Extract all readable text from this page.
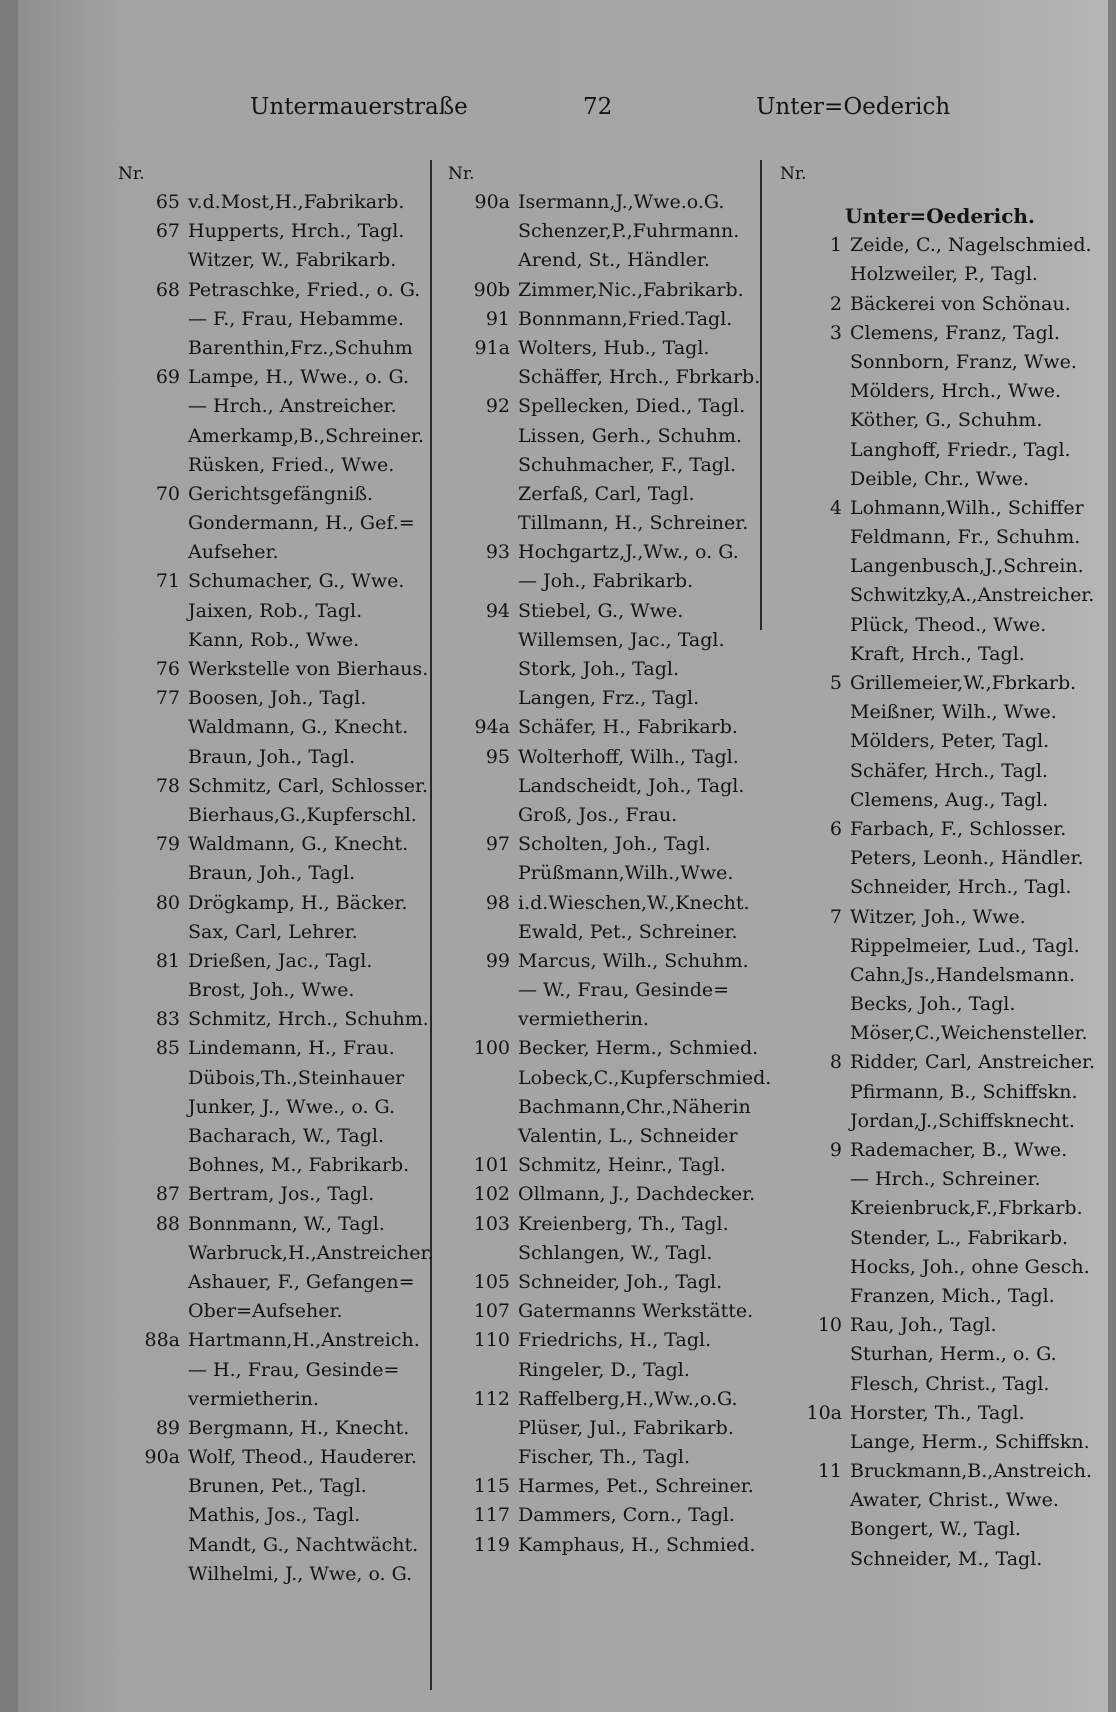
Untermauerstraße	72	Unter=Oederich
Nr.
65 v.d.Most,H.,Fabrikarb.
67 Hupperts, Hrch., Tagl.
Witzer, W., Fabrikarb.
68 Petraschke, Fried., o. G.
— F., Frau, Hebamme.
Barenthin,Frz.,Schuhm
69 Lampe, H., Wwe., o. G.
— Hrch., Anstreicher.
Amerkamp,B.,Schreiner.
Rüsken, Fried., Wwe.
70 Gerichtsgefängniß.
Gondermann, H., Gef.=
Aufseher.
71 Schumacher, G., Wwe.
Jaixen, Rob., Tagl.
Kann, Rob., Wwe.
76 Werkstelle von Bierhaus.
77 Boosen, Joh., Tagl.
Waldmann, G., Knecht.
Braun, Joh., Tagl.
78 Schmitz, Carl, Schlosser.
Bierhaus,G.,Kupferschl.
79 Waldmann, G., Knecht.
Braun, Joh., Tagl.
80 Drögkamp, H., Bäcker.
Sax, Carl, Lehrer.
81 Drießen, Jac., Tagl.
Brost, Joh., Wwe.
83 Schmitz, Hrch., Schuhm.
85 Lindemann, H., Frau.
Dübois,Th.,Steinhauer
Junker, J., Wwe., o. G.
Bacharach, W., Tagl.
Bohnes, M., Fabrikarb.
87 Bertram, Jos., Tagl.
88 Bonnmann, W., Tagl.
Warbruck,H.,Anstreicher.
Ashauer, F., Gefangen=
Ober=Aufseher.
88a Hartmann,H.,Anstreich.
— H., Frau, Gesinde=
vermietherin.
89 Bergmann, H., Knecht.
90a Wolf, Theod., Hauderer.
Brunen, Pet., Tagl.
Mathis, Jos., Tagl.
Mandt, G., Nachtwächt.
Wilhelmi, J., Wwe, o. G.
Nr.
90a Isermann,J.,Wwe.o.G.
Schenzer,P.,Fuhrmann.
Arend, St., Händler.
90b Zimmer,Nic.,Fabrikarb.
91 Bonnmann,Fried.Tagl.
91a Wolters, Hub., Tagl.
Schäffer, Hrch., Fbrkarb.
92 Spellecken, Died., Tagl.
Lissen, Gerh., Schuhm.
Schuhmacher, F., Tagl.
Zerfaß, Carl, Tagl.
Tillmann, H., Schreiner.
93 Hochgartz,J.,Ww., o. G.
— Joh., Fabrikarb.
94 Stiebel, G., Wwe.
Willemsen, Jac., Tagl.
Stork, Joh., Tagl.
Langen, Frz., Tagl.
94a Schäfer, H., Fabrikarb.
95 Wolterhoff, Wilh., Tagl.
Landscheidt, Joh., Tagl.
Groß, Jos., Frau.
97 Scholten, Joh., Tagl.
Prüßmann,Wilh.,Wwe.
98 i.d.Wieschen,W.,Knecht.
Ewald, Pet., Schreiner.
99 Marcus, Wilh., Schuhm.
— W., Frau, Gesinde=
vermietherin.
100 Becker, Herm., Schmied.
Lobeck,C.,Kupferschmied.
Bachmann,Chr.,Näherin
Valentin, L., Schneider
101 Schmitz, Heinr., Tagl.
102 Ollmann, J., Dachdecker.
103 Kreienberg, Th., Tagl.
Schlangen, W., Tagl.
105 Schneider, Joh., Tagl.
107 Gatermanns Werkstätte.
110 Friedrichs, H., Tagl.
Ringeler, D., Tagl.
112 Raffelberg,H.,Ww.,o.G.
Plüser, Jul., Fabrikarb.
Fischer, Th., Tagl.
115 Harmes, Pet., Schreiner.
117 Dammers, Corn., Tagl.
119 Kamphaus, H., Schmied.
Nr.
Unter=Oederich.
1 Zeide, C., Nagelschmied.
Holzweiler, P., Tagl.
2 Bäckerei von Schönau.
3 Clemens, Franz, Tagl.
Sonnborn, Franz, Wwe.
Mölders, Hrch., Wwe.
Köther, G., Schuhm.
Langhoff, Friedr., Tagl.
Deible, Chr., Wwe.
4 Lohmann,Wilh., Schiffer
Feldmann, Fr., Schuhm.
Langenbusch,J.,Schrein.
Schwitzky,A.,Anstreicher.
Plück, Theod., Wwe.
Kraft, Hrch., Tagl.
5 Grillemeier,W.,Fbrkarb.
Meißner, Wilh., Wwe.
Mölders, Peter, Tagl.
Schäfer, Hrch., Tagl.
Clemens, Aug., Tagl.
6 Farbach, F., Schlosser.
Peters, Leonh., Händler.
Schneider, Hrch., Tagl.
7 Witzer, Joh., Wwe.
Rippelmeier, Lud., Tagl.
Cahn,Js.,Handelsmann.
Becks, Joh., Tagl.
Möser,C.,Weichensteller.
8 Ridder, Carl, Anstreicher.
Pfirmann, B., Schiffskn.
Jordan,J.,Schiffsknecht.
9 Rademacher, B., Wwe.
— Hrch., Schreiner.
Kreienbruck,F.,Fbrkarb.
Stender, L., Fabrikarb.
Hocks, Joh., ohne Gesch.
Franzen, Mich., Tagl.
10 Rau, Joh., Tagl.
Sturhan, Herm., o. G.
Flesch, Christ., Tagl.
10a Horster, Th., Tagl.
Lange, Herm., Schiffskn.
11 Bruckmann,B.,Anstreich.
Awater, Christ., Wwe.
Bongert, W., Tagl.
Schneider, M., Tagl.
